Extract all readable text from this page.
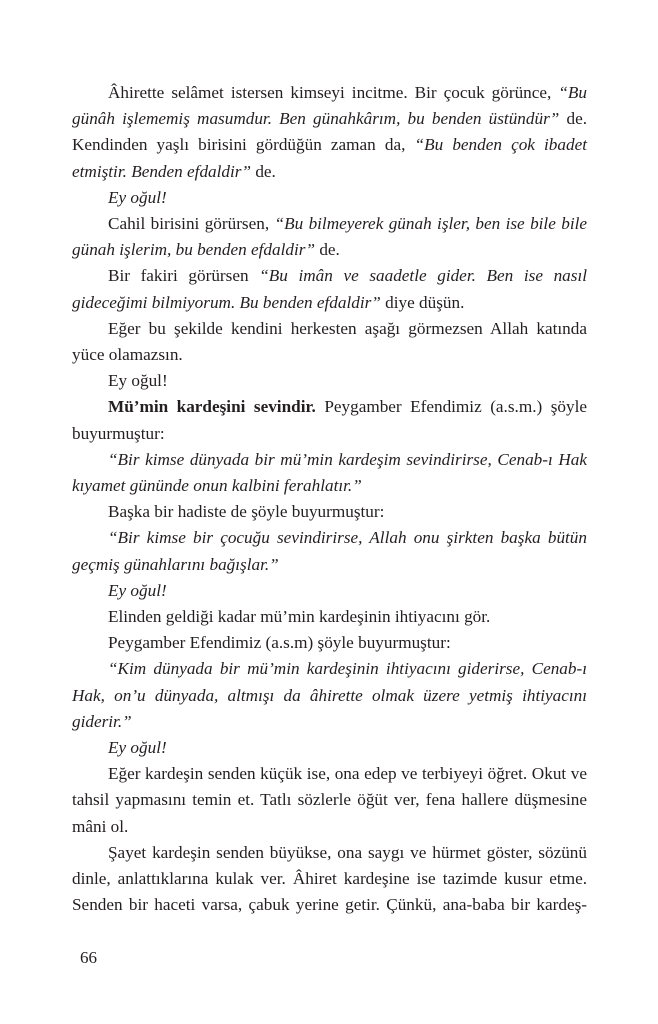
Âhirette selâmet istersen kimseyi incitme. Bir çocuk görünce, “Bu günâh işlememiş masumdur. Ben günahkârım, bu benden üstündür” de. Kendinden yaşlı birisini gördüğün zaman da, “Bu benden çok ibadet etmiştir. Benden efdaldir” de.

Ey oğul!

Cahil birisini görürsen, “Bu bilmeyerek günah işler, ben ise bile bile günah işlerim, bu benden efdaldir” de.

Bir fakiri görürsen “Bu imân ve saadetle gider. Ben ise nasıl gideceğimi bilmiyorum. Bu benden efdaldir” diye düşün.

Eğer bu şekilde kendini herkesten aşağı görmezsen Allah katında yüce olamazsın.

Ey oğul!

Mü’min kardeşini sevindir. Peygamber Efendimiz (a.s.m.) şöyle buyurmuştur:

“Bir kimse dünyada bir mü’min kardeşim sevindirirse, Cenab-ı Hak kıyamet gününde onun kalbini ferahlatır.”

Başka bir hadiste de şöyle buyurmuştur:

“Bir kimse bir çocuğu sevindirirse, Allah onu şirkten başka bütün geçmiş günahlarını bağışlar.”

Ey oğul!

Elinden geldiği kadar mü’min kardeşinin ihtiyacını gör.

Peygamber Efendimiz (a.s.m) şöyle buyurmuştur:

“Kim dünyada bir mü’min kardeşinin ihtiyacını giderirse, Cenab-ı Hak, on’u dünyada, altmışı da âhirette olmak üzere yetmiş ihtiyacını giderir.”

Ey oğul!

Eğer kardeşin senden küçük ise, ona edep ve terbiyeyi öğret. Okut ve tahsil yapmasını temin et. Tatlı sözlerle öğüt ver, fena hallere düşmesine mâni ol.

Şayet kardeşin senden büyükse, ona saygı ve hürmet göster, sözünü dinle, anlattıklarına kulak ver. Âhiret kardeşine ise tazimde kusur etme. Senden bir haceti varsa, çabuk yerine getir. Çünkü, ana-baba bir kardeş-

66
